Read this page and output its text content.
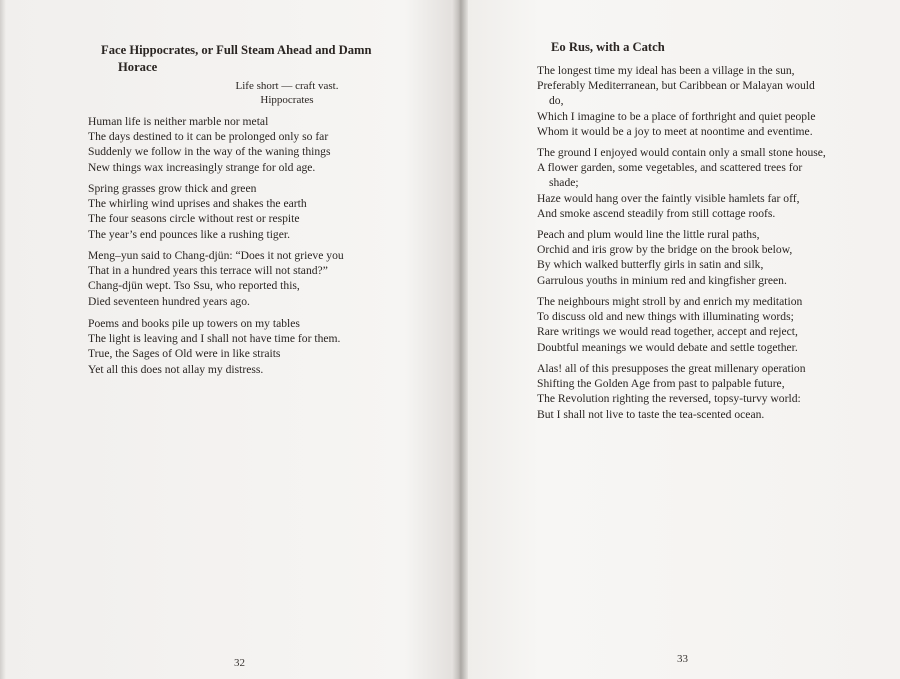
Face Hippocrates, or Full Steam Ahead and Damn
Horace
Life short — craft vast.
Hippocrates
Human life is neither marble nor metal
The days destined to it can be prolonged only so far
Suddenly we follow in the way of the waning things
New things wax increasingly strange for old age.
Spring grasses grow thick and green
The whirling wind uprises and shakes the earth
The four seasons circle without rest or respite
The year’s end pounces like a rushing tiger.
Meng–yun said to Chang-djün: “Does it not grieve you
That in a hundred years this terrace will not stand?”
Chang-djün wept. Tso Ssu, who reported this,
Died seventeen hundred years ago.
Poems and books pile up towers on my tables
The light is leaving and I shall not have time for them.
True, the Sages of Old were in like straits
Yet all this does not allay my distress.
32
Eo Rus, with a Catch
The longest time my ideal has been a village in the sun,
Preferably Mediterranean, but Caribbean or Malayan would
do,
Which I imagine to be a place of forthright and quiet people
Whom it would be a joy to meet at noontime and eventime.
The ground I enjoyed would contain only a small stone house,
A flower garden, some vegetables, and scattered trees for
shade;
Haze would hang over the faintly visible hamlets far off,
And smoke ascend steadily from still cottage roofs.
Peach and plum would line the little rural paths,
Orchid and iris grow by the bridge on the brook below,
By which walked butterfly girls in satin and silk,
Garrulous youths in minium red and kingfisher green.
The neighbours might stroll by and enrich my meditation
To discuss old and new things with illuminating words;
Rare writings we would read together, accept and reject,
Doubtful meanings we would debate and settle together.
Alas! all of this presupposes the great millenary operation
Shifting the Golden Age from past to palpable future,
The Revolution righting the reversed, topsy-turvy world:
But I shall not live to taste the tea-scented ocean.
33
